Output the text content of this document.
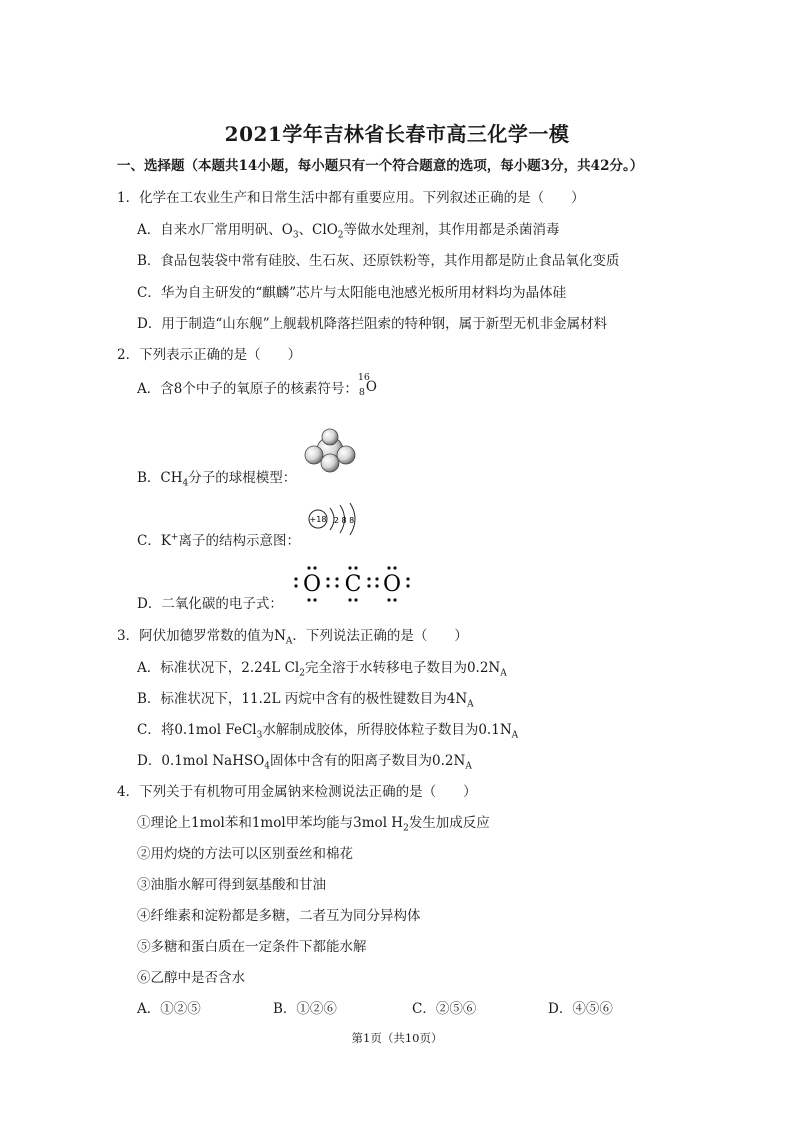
2021学年吉林省长春市高三化学一模
一、选择题（本题共14小题，每小题只有一个符合题意的选项，每小题3分，共42分。）
1．化学在工农业生产和日常生活中都有重要应用。下列叙述正确的是（　　）
A．自来水厂常用明矾、$O_3$、ClO$_2$等做水处理剂，其作用都是杀菌消毒
B．食品包装袋中常有硅胶、生石灰、还原铁粉等，其作用都是防止食品氧化变质
C．华为自主研发的“麒麟”芯片与太阳能电池感光板所用材料均为晶体硅
D．用于制造“山东舰”上舰载机降落拦阻索的特种钢，属于新型无机非金属材料
2．下列表示正确的是（　　）
A．含8个中子的氧原子的核素符号：
16
8 O
B．$CH_4$分子的球棍模型：
+18 2 8 8
C．K+离子的结构示意图：
O C O
D．二氧化碳的电子式：
3．阿伏加德罗常数的值为$N_A$．下列说法正确的是（　　）
A．标准状况下，2.24L $Cl_2$完全溶于水转移电子数目为$0.2N_A$
B．标准状况下，11.2L 丙烷中含有的极性键数目为$4N_A$
C．将0.1mol FeCl$_3$水解制成胶体，所得胶体粒子数目为$0.1N_A$
D．0.1mol NaHSO$_4$固体中含有的阳离子数目为$0.2N_A$
4．下列关于有机物可用金属钠来检测说法正确的是（　　）
①理论上1mol苯和1mol甲苯均能与3mol $H_2$发生加成反应
②用灼烧的方法可以区别蚕丝和棉花
③油脂水解可得到氨基酸和甘油
④纤维素和淀粉都是多糖，二者互为同分异构体
⑤多糖和蛋白质在一定条件下都能水解
⑥乙醇中是否含水
A．①②⑤	B．①②⑥	C．②⑤⑥	D．④⑤⑥
第1页（共10页）
